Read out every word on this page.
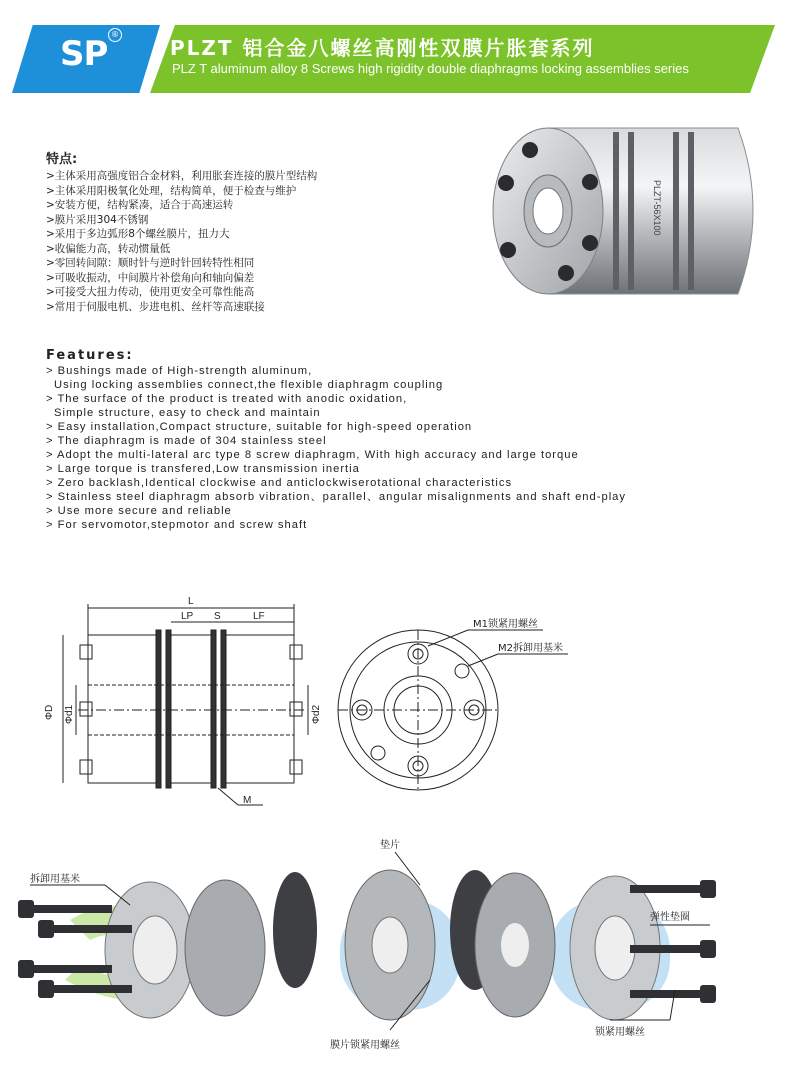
SP ®
PLZT 铝合金八螺丝高刚性双膜片胀套系列
PLZ T aluminum alloy 8 Screws high rigidity double diaphragms locking assemblies series
特点:
>主体采用高强度铝合金材料，利用胀套连接的膜片型结构
>主体采用阳极氧化处理，结构简单，便于检查与维护
>安装方便，结构紧凑，适合于高速运转
>膜片采用304不锈钢
>采用于多边弧形8个螺丝膜片，扭力大
>收偏能力高，转动惯量低
>零回转间隙：顺时针与逆时针回转特性相同
>可吸收振动，中间膜片补偿角向和轴向偏差
>可接受大扭力传动，使用更安全可靠性能高
>常用于伺服电机、步进电机、丝杆等高速联接
PLZT-56X100
Features:
> Bushings made of High-strength aluminum,
Using locking assemblies connect,the flexible diaphragm coupling
> The surface of the product is treated with anodic oxidation,
Simple structure, easy to check and maintain
> Easy installation,Compact structure, suitable for high-speed operation
> The diaphragm is made of 304 stainless steel
> Adopt the multi-lateral arc type 8 screw diaphragm, With high accuracy and large torque
> Large torque is transfered,Low transmission inertia
> Zero backlash,Identical clockwise and anticlockwiserotational characteristics
> Stainless steel diaphragm absorb vibration、parallel、angular misalignments and shaft end-play
> Use more secure and reliable
> For servomotor,stepmotor and screw shaft
L
LP S	LF
ΦD Φd1	Φd2
M
M1锁紧用螺丝
M2拆卸用基米
垫片
拆卸用基米
弹性垫圈
膜片锁紧用螺丝
锁紧用螺丝
